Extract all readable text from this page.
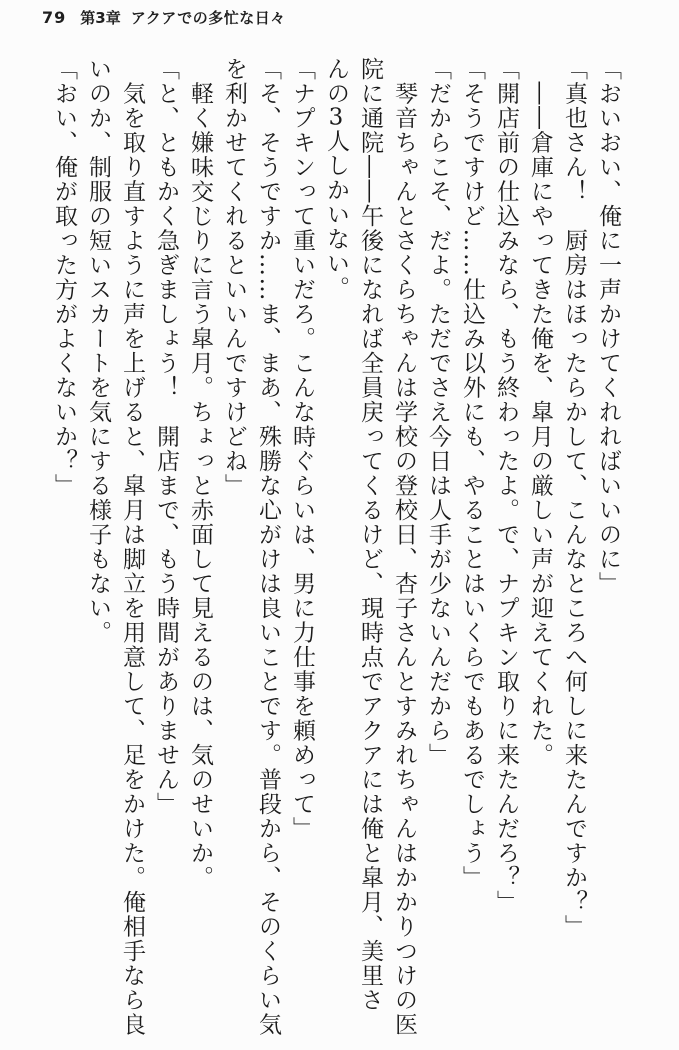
79 第3章 アクアでの多忙な日々

「おいおい、俺に一声かけてくれればいいのに」

「真也さん！　厨房はほったらかして、こんなところへ何しに来たんですか？」

　――倉庫にやってきた俺を、皐月の厳しい声が迎えてくれた。

「開店前の仕込みなら、もう終わったよ。で、ナプキン取りに来たんだろ？」

「そうですけど……仕込み以外にも、やることはいくらでもあるでしょう」

「だからこそ、だよ。ただでさえ今日は人手が少ないんだから」

　琴音ちゃんとさくらちゃんは学校の登校日、杏子さんとすみれちゃんはかかりつけの医

院に通院――午後になれば全員戻ってくるけど、現時点でアクアには俺と皐月、美里さ

んの3人しかいない。

「ナプキンって重いだろ。こんな時ぐらいは、男に力仕事を頼めって」

「そ、そうですか……ま、まあ、殊勝な心がけは良いことです。普段から、そのくらい気

を利かせてくれるといいんですけどね」

　軽く嫌味交じりに言う皐月。ちょっと赤面して見えるのは、気のせいか。

「と、ともかく急ぎましょう！　開店まで、もう時間がありません」

　気を取り直すように声を上げると、皐月は脚立を用意して、足をかけた。俺相手なら良

いのか、制服の短いスカートを気にする様子もない。

「おい、俺が取った方がよくないか？」
